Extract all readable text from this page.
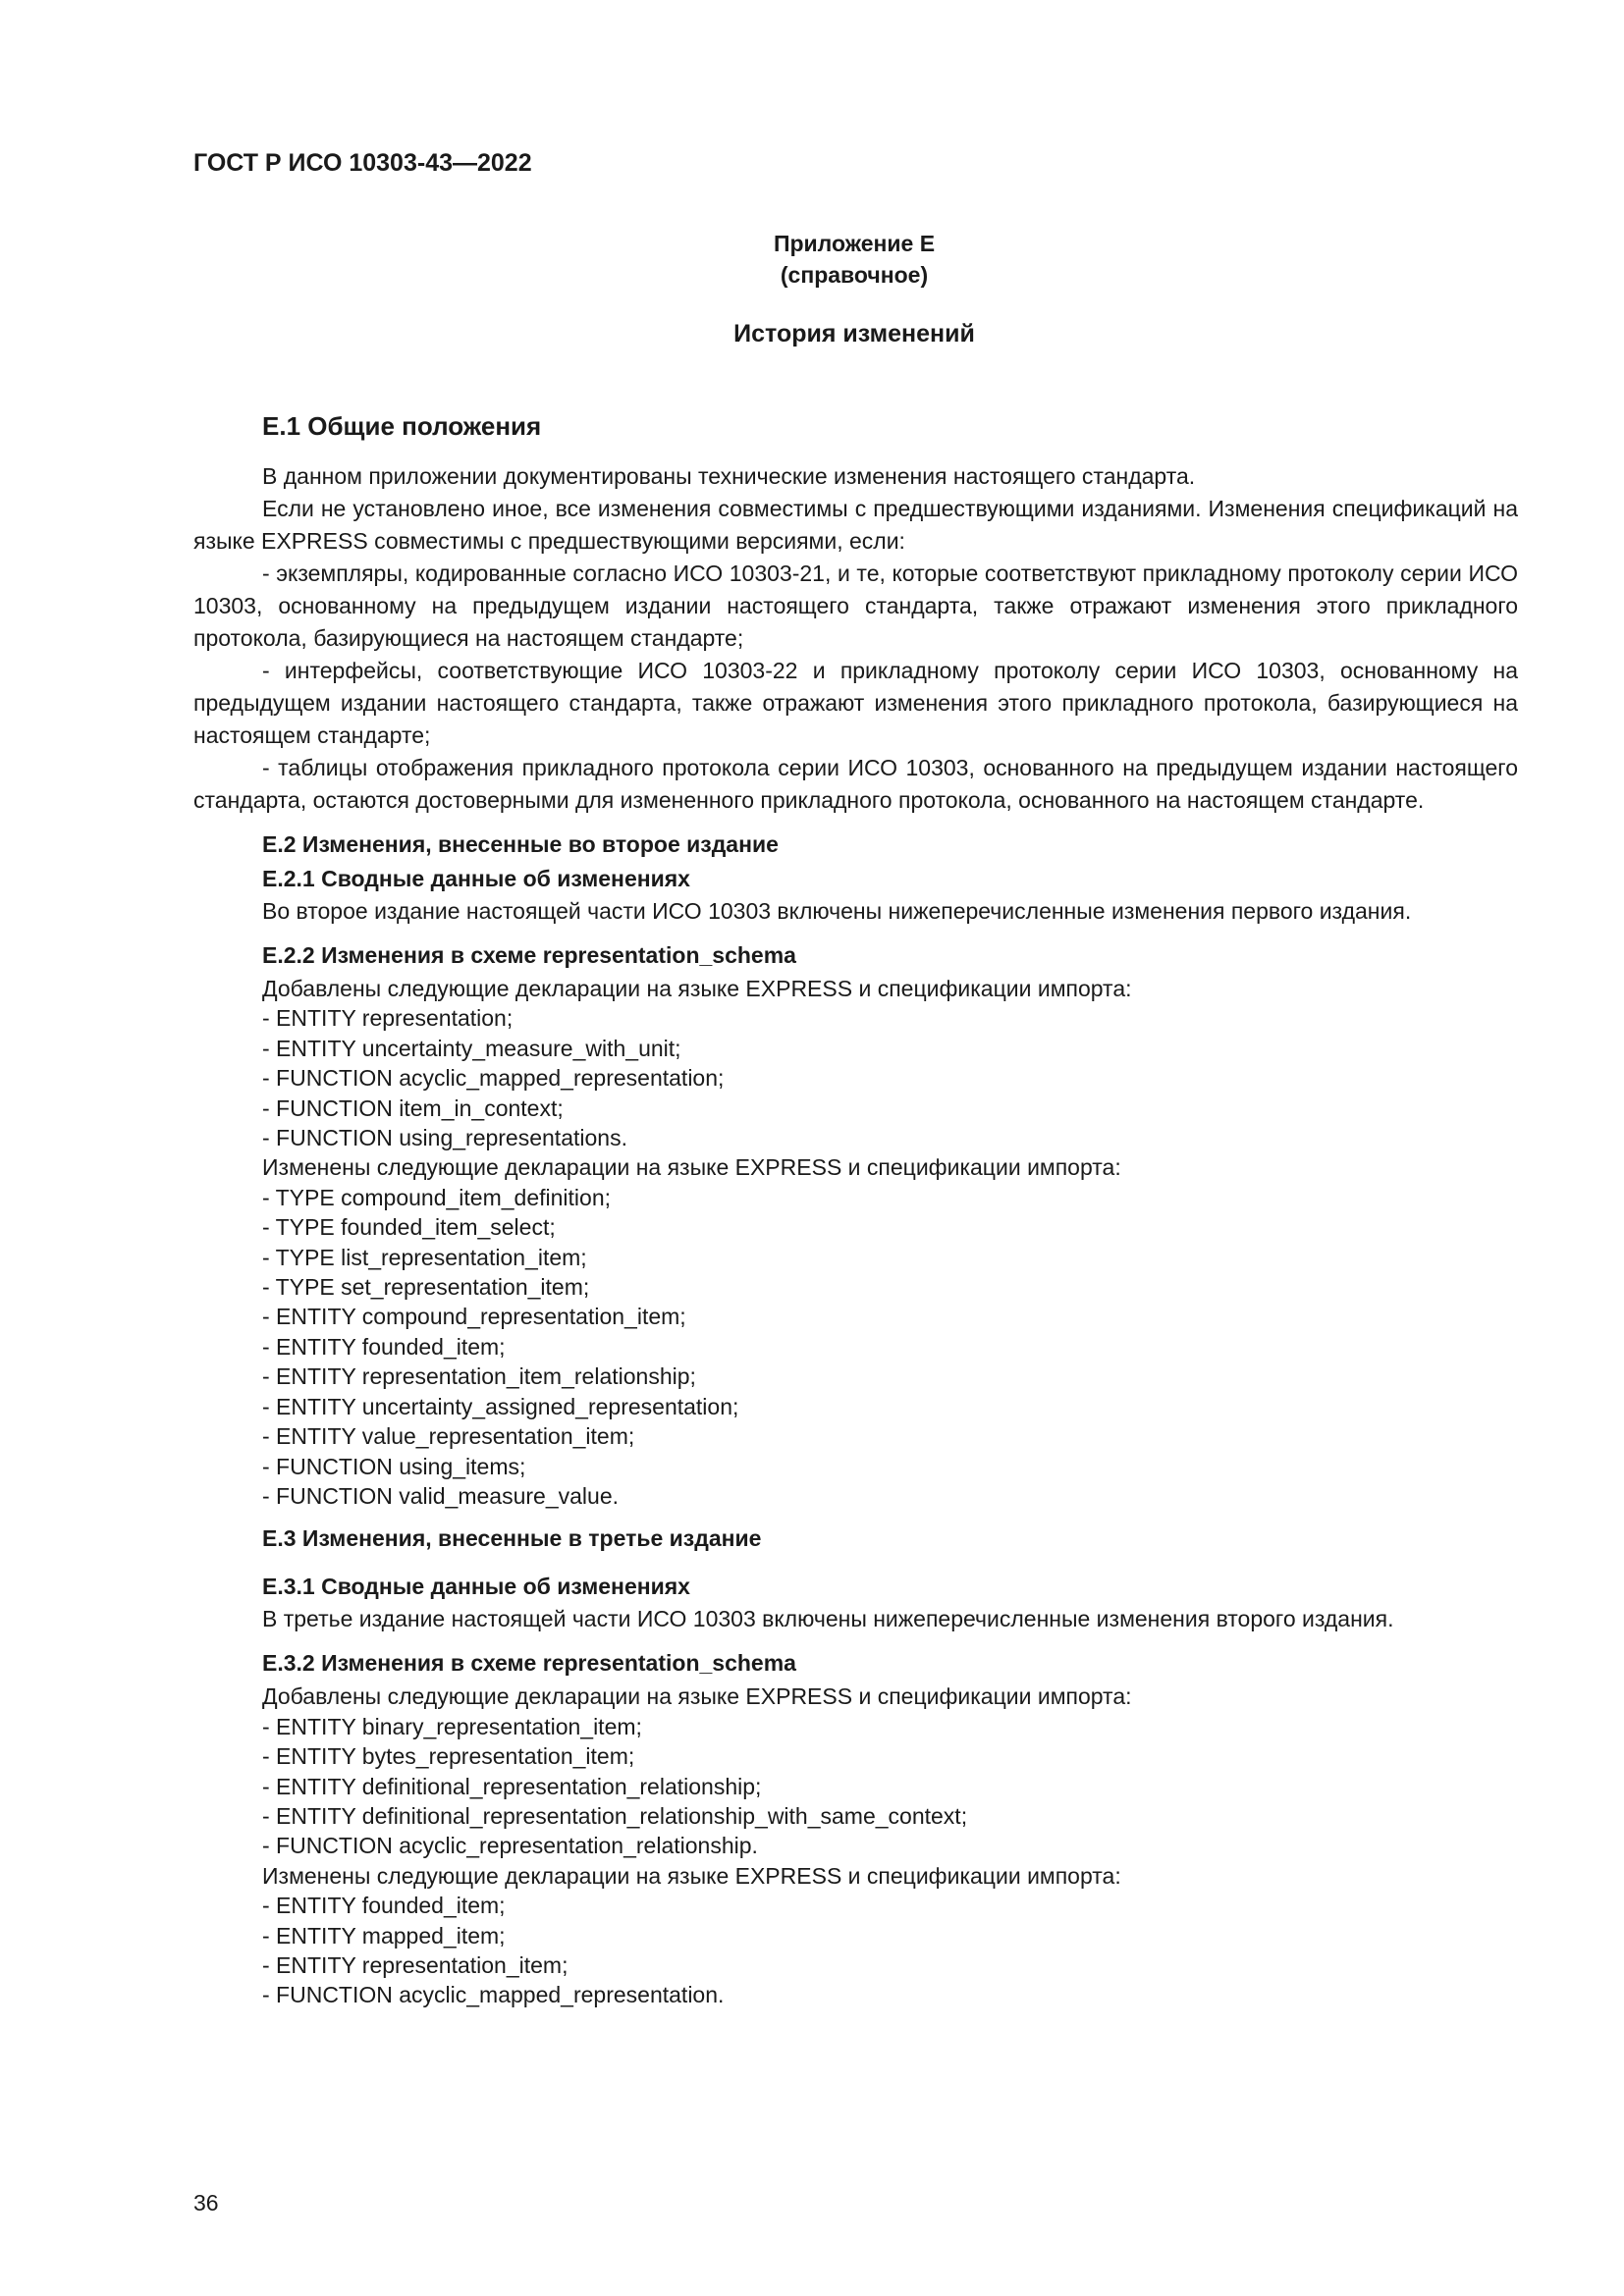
ГОСТ Р ИСО 10303-43—2022

Приложение Е
(справочное)

История изменений

Е.1 Общие положения

В данном приложении документированы технические изменения настоящего стандарта.

Если не установлено иное, все изменения совместимы с предшествующими изданиями. Изменения спецификаций на языке EXPRESS совместимы с предшествующими версиями, если:

- экземпляры, кодированные согласно ИСО 10303-21, и те, которые соответствуют прикладному протоколу серии ИСО 10303, основанному на предыдущем издании настоящего стандарта, также отражают изменения этого прикладного протокола, базирующиеся на настоящем стандарте;

- интерфейсы, соответствующие ИСО 10303-22 и прикладному протоколу серии ИСО 10303, основанному на предыдущем издании настоящего стандарта, также отражают изменения этого прикладного протокола, базирующиеся на настоящем стандарте;

- таблицы отображения прикладного протокола серии ИСО 10303, основанного на предыдущем издании настоящего стандарта, остаются достоверными для измененного прикладного протокола, основанного на настоящем стандарте.

Е.2 Изменения, внесенные во второе издание

Е.2.1 Сводные данные об изменениях

Во второе издание настоящей части ИСО 10303 включены нижеперечисленные изменения первого издания.

Е.2.2 Изменения в схеме representation_schema

Добавлены следующие декларации на языке EXPRESS и спецификации импорта:

- ENTITY representation;

- ENTITY uncertainty_measure_with_unit;

- FUNCTION acyclic_mapped_representation;

- FUNCTION item_in_context;

- FUNCTION using_representations.

Изменены следующие декларации на языке EXPRESS и спецификации импорта:

- TYPE compound_item_definition;

- TYPE founded_item_select;

- TYPE list_representation_item;

- TYPE set_representation_item;

- ENTITY compound_representation_item;

- ENTITY founded_item;

- ENTITY representation_item_relationship;

- ENTITY uncertainty_assigned_representation;

- ENTITY value_representation_item;

- FUNCTION using_items;

- FUNCTION valid_measure_value.

Е.3 Изменения, внесенные в третье издание

Е.3.1 Сводные данные об изменениях

В третье издание настоящей части ИСО 10303 включены нижеперечисленные изменения второго издания.

Е.3.2 Изменения в схеме representation_schema

Добавлены следующие декларации на языке EXPRESS и спецификации импорта:

- ENTITY binary_representation_item;

- ENTITY bytes_representation_item;

- ENTITY definitional_representation_relationship;

- ENTITY definitional_representation_relationship_with_same_context;

- FUNCTION acyclic_representation_relationship.

Изменены следующие декларации на языке EXPRESS и спецификации импорта:

- ENTITY founded_item;

- ENTITY mapped_item;

- ENTITY representation_item;

- FUNCTION acyclic_mapped_representation.

36
